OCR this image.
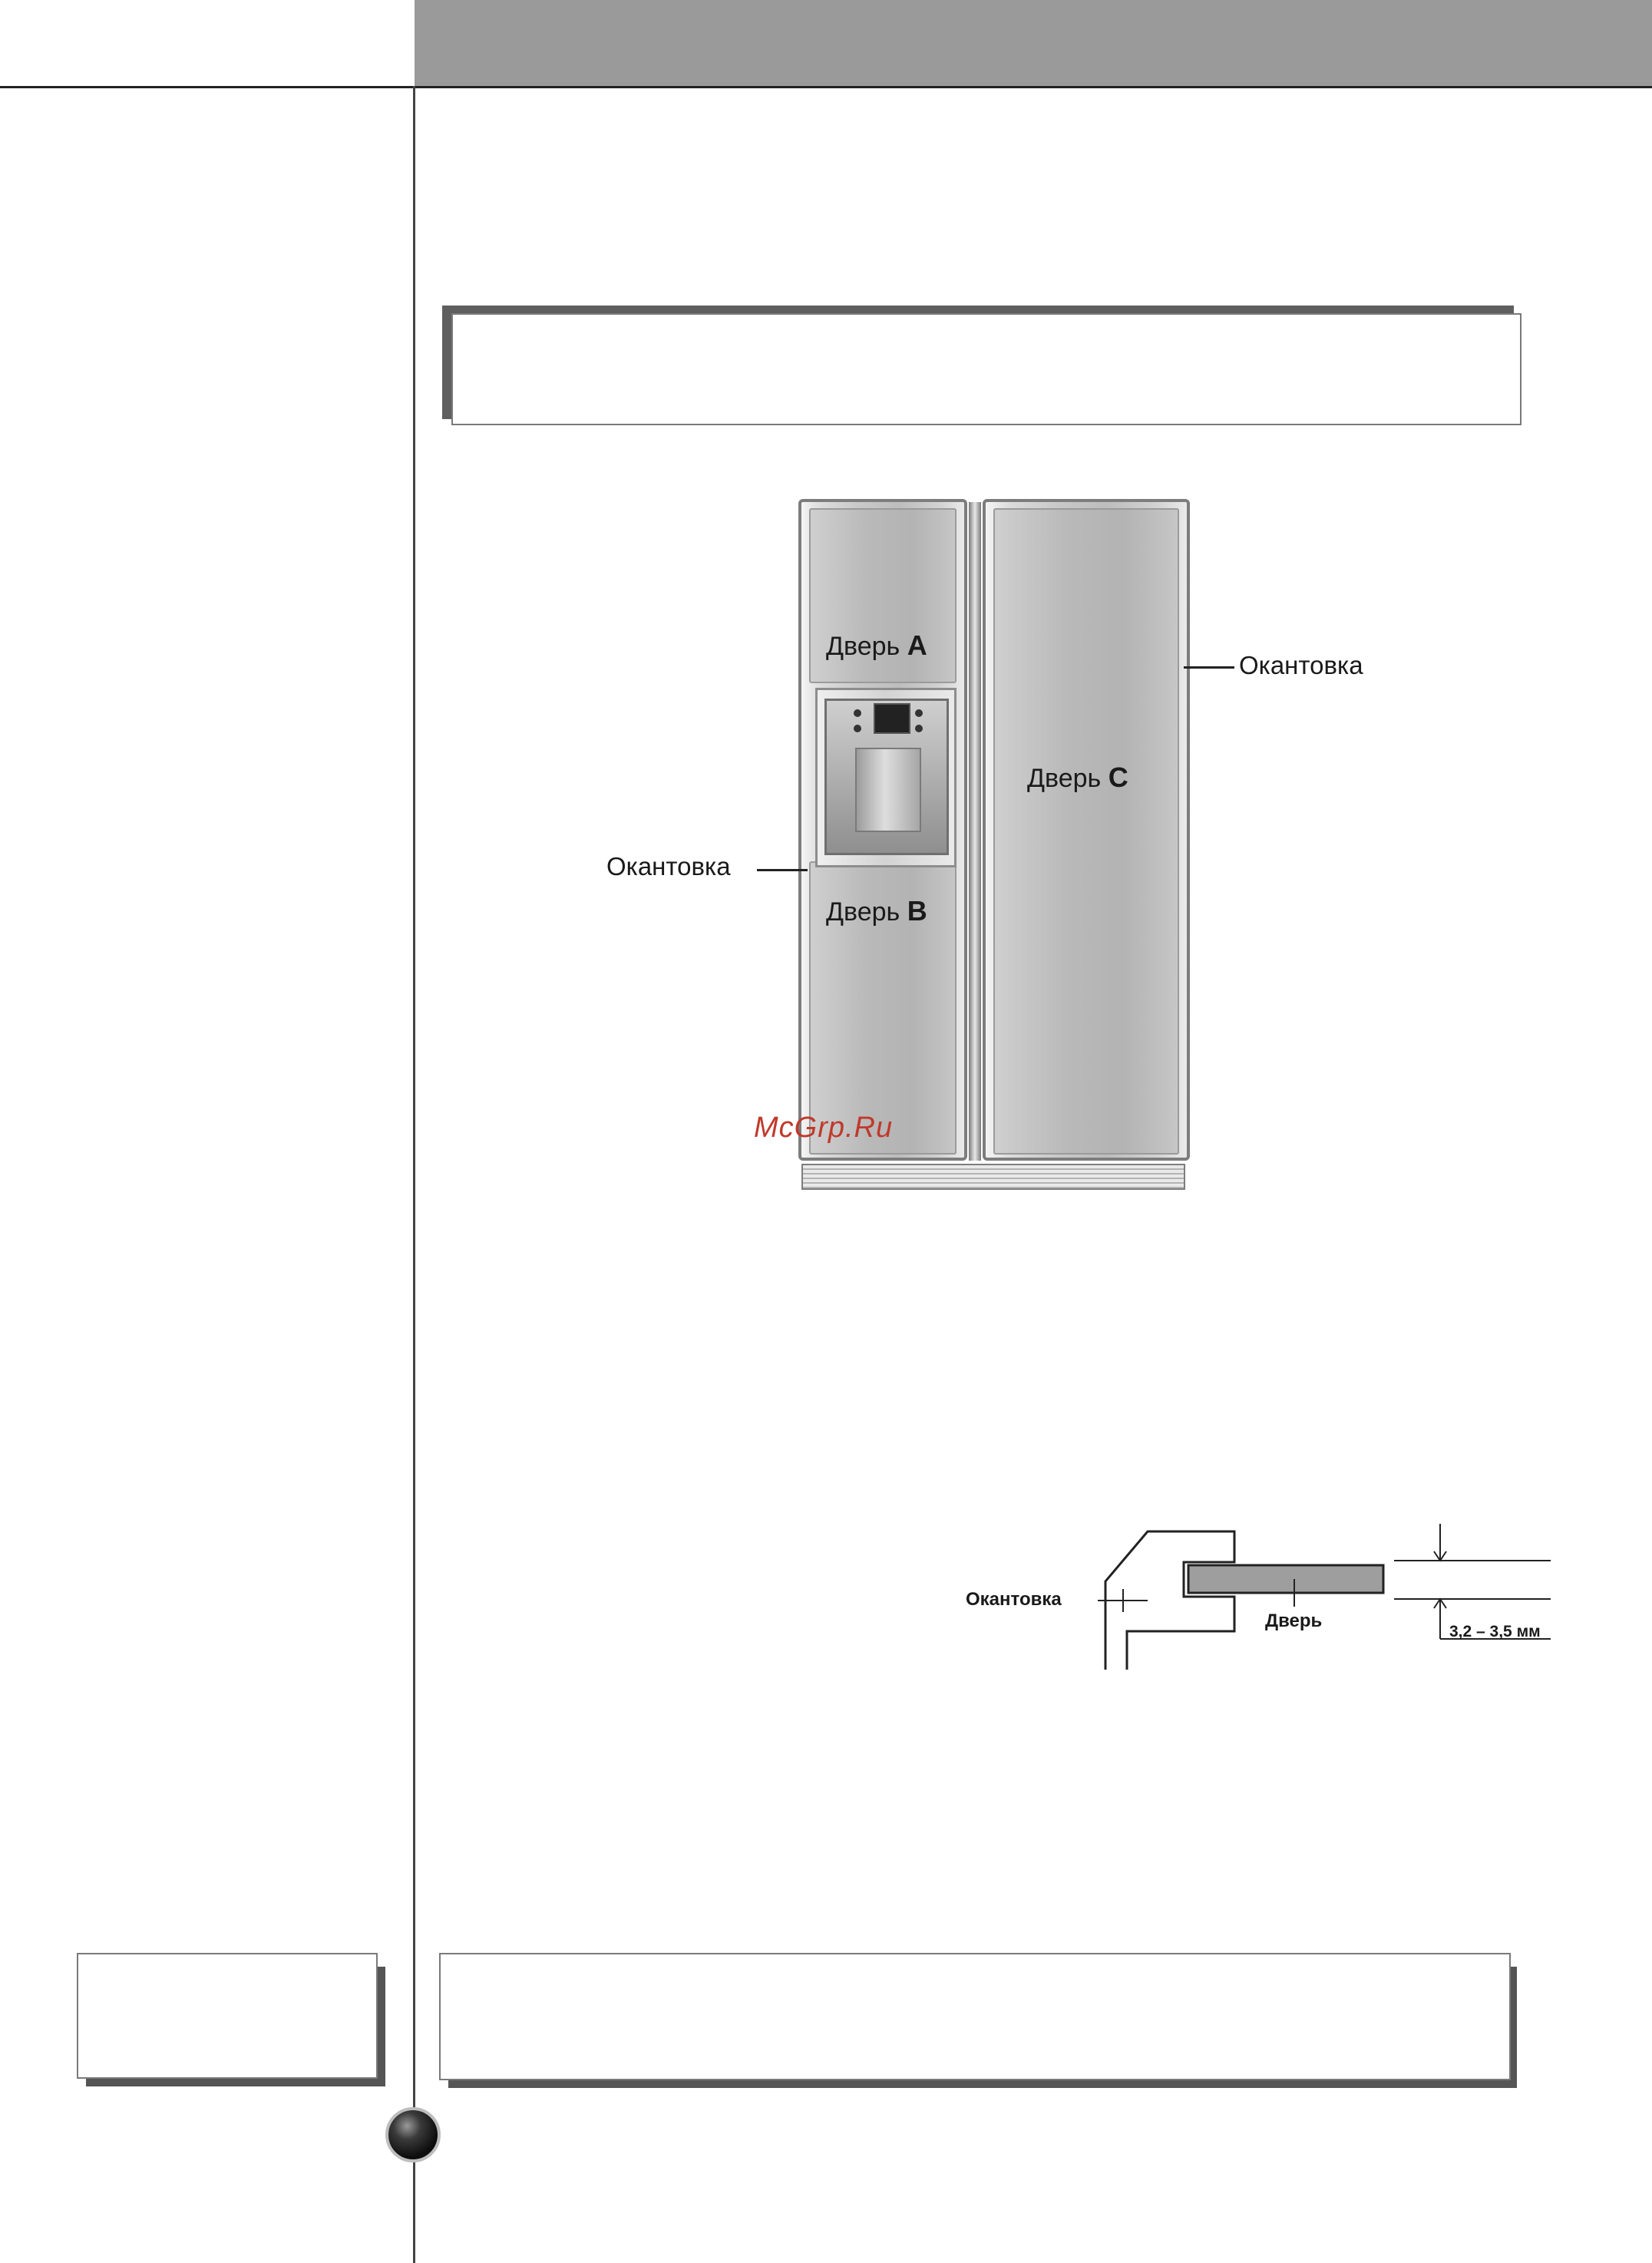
Дверь A
Дверь B
Дверь C
Окантовка
Окантовка
McGrp.Ru
Окантовка
Дверь
3,2 – 3,5 мм
